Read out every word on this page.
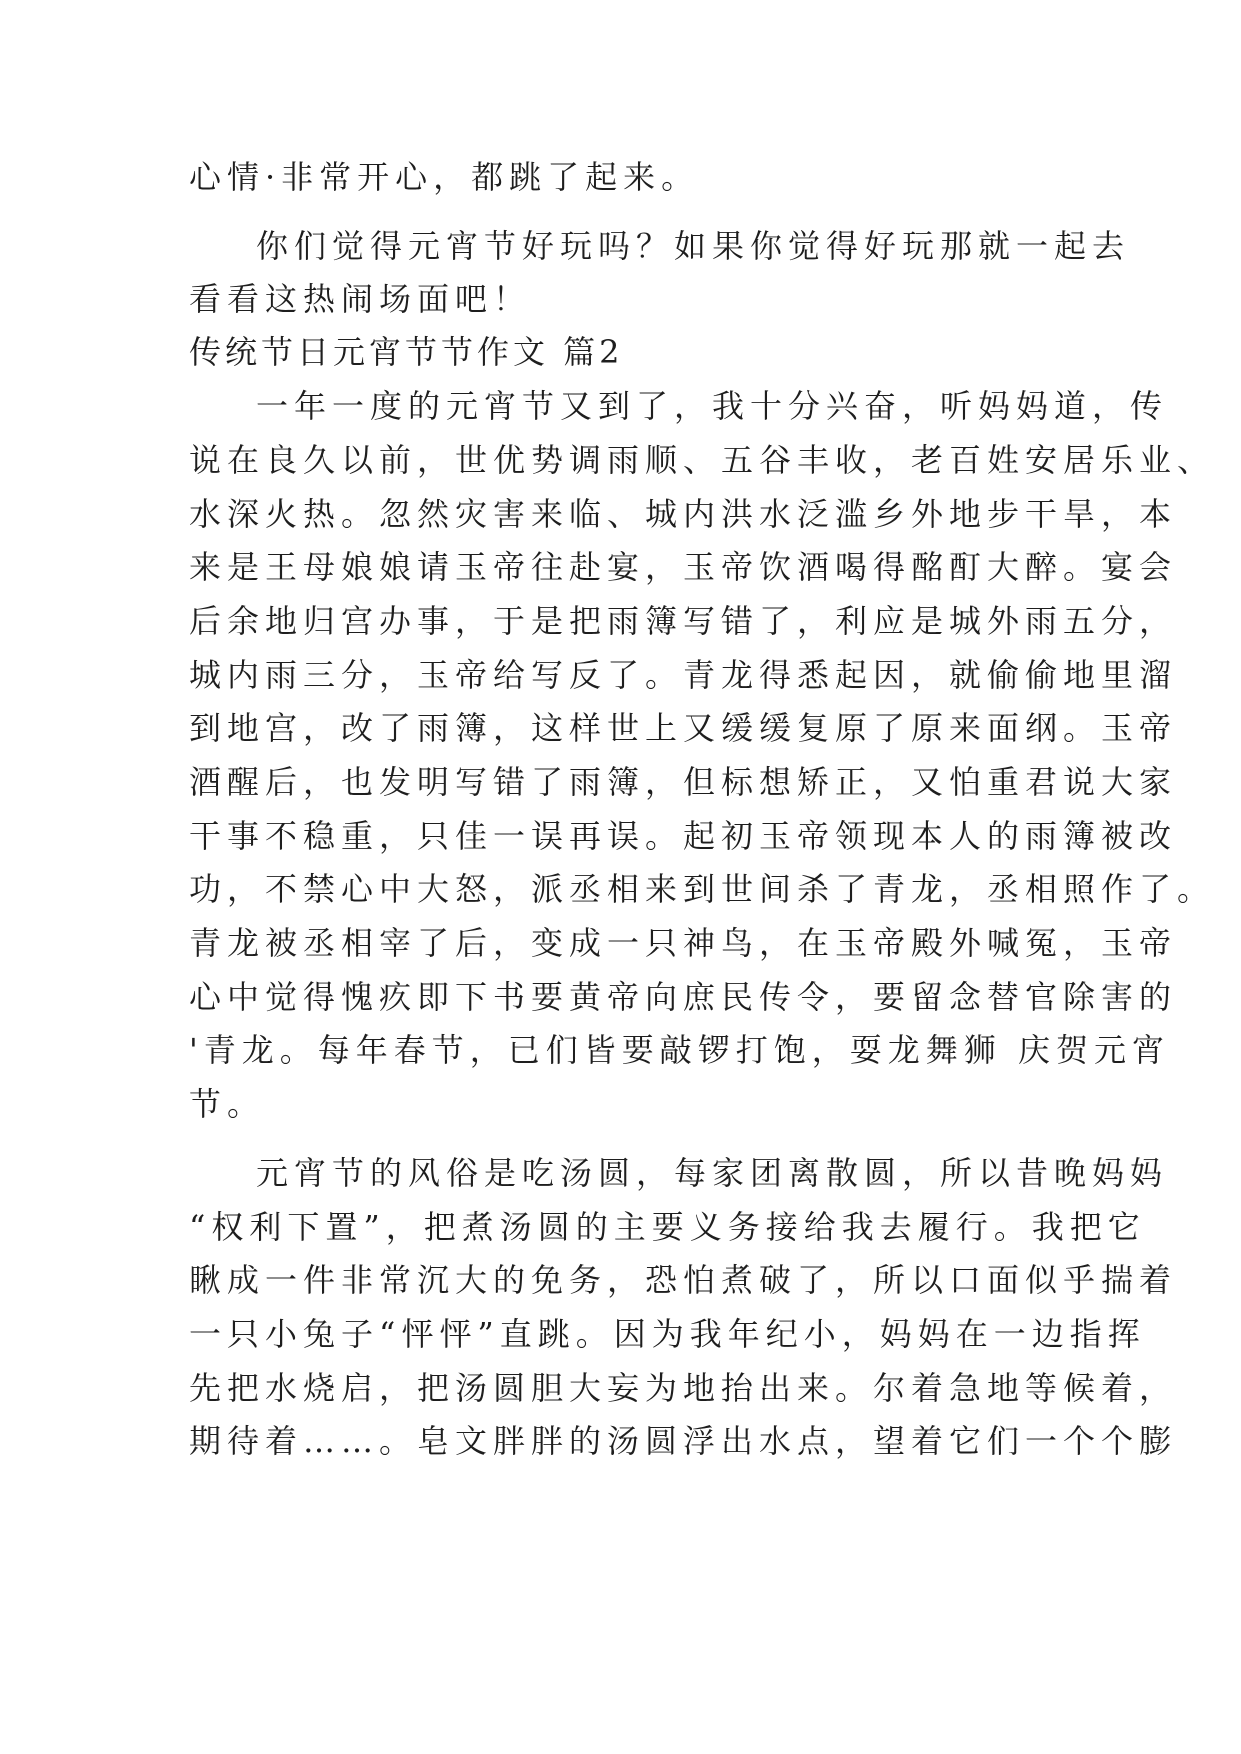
心情·非常开心，都跳了起来。
你们觉得元宵节好玩吗？如果你觉得好玩那就一起去
看看这热闹场面吧！
传统节日元宵节节作文 篇2
一年一度的元宵节又到了，我十分兴奋，听妈妈道，传
说在良久以前，世优势调雨顺、五谷丰收，老百姓安居乐业、
水深火热。忽然灾害来临、城内洪水泛滥乡外地步干旱，本
来是王母娘娘请玉帝往赴宴，玉帝饮酒喝得酩酊大醉。宴会
后余地归宫办事，于是把雨簿写错了，利应是城外雨五分，
城内雨三分，玉帝给写反了。青龙得悉起因，就偷偷地里溜
到地宫，改了雨簿，这样世上又缓缓复原了原来面纲。玉帝
酒醒后，也发明写错了雨簿，但标想矫正，又怕重君说大家
干事不稳重，只佳一误再误。起初玉帝领现本人的雨簿被改
功，不禁心中大怒，派丞相来到世间杀了青龙，丞相照作了。
青龙被丞相宰了后，变成一只神鸟，在玉帝殿外喊冤，玉帝
心中觉得愧疚即下书要黄帝向庶民传令，要留念替官除害的
'青龙。每年春节，已们皆要敲锣打饱，耍龙舞狮 庆贺元宵
节。
元宵节的风俗是吃汤圆，每家团离散圆，所以昔晚妈妈
“权利下置”，把煮汤圆的主要义务接给我去履行。我把它
瞅成一件非常沉大的免务，恐怕煮破了，所以口面似乎揣着
一只小兔子“怦怦”直跳。因为我年纪小，妈妈在一边指挥
先把水烧启，把汤圆胆大妄为地抬出来。尔着急地等候着，
期待着……。皂文胖胖的汤圆浮出水点，望着它们一个个膨
